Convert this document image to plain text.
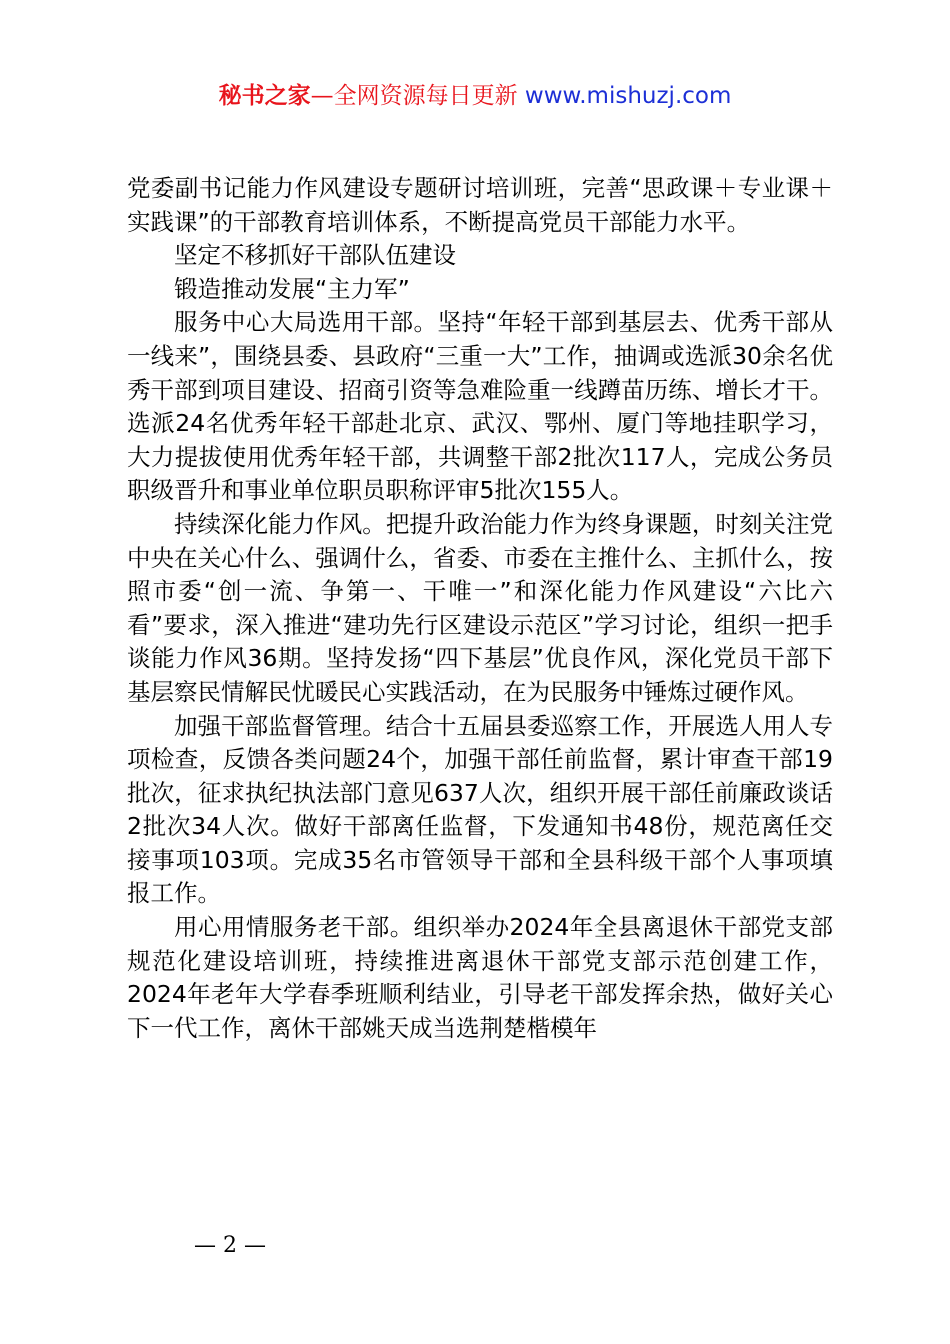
秘书之家—全网资源每日更新 www.mishuzj.com

党委副书记能力作风建设专题研讨培训班，完善“思政课＋专业课＋实践课”的干部教育培训体系，不断提高党员干部能力水平。

坚定不移抓好干部队伍建设

锻造推动发展“主力军”

服务中心大局选用干部。坚持“年轻干部到基层去、优秀干部从一线来”，围绕县委、县政府“三重一大”工作，抽调或选派30余名优秀干部到项目建设、招商引资等急难险重一线蹲苗历练、增长才干。选派24名优秀年轻干部赴北京、武汉、鄂州、厦门等地挂职学习，大力提拔使用优秀年轻干部，共调整干部2批次117人，完成公务员职级晋升和事业单位职员职称评审5批次155人。

持续深化能力作风。把提升政治能力作为终身课题，时刻关注党中央在关心什么、强调什么，省委、市委在主推什么、主抓什么，按照市委“创一流、争第一、干唯一”和深化能力作风建设“六比六看”要求，深入推进“建功先行区建设示范区”学习讨论，组织一把手谈能力作风36期。坚持发扬“四下基层”优良作风，深化党员干部下基层察民情解民忧暖民心实践活动，在为民服务中锤炼过硬作风。

加强干部监督管理。结合十五届县委巡察工作，开展选人用人专项检查，反馈各类问题24个，加强干部任前监督，累计审查干部19批次，征求执纪执法部门意见637人次，组织开展干部任前廉政谈话2批次34人次。做好干部离任监督，下发通知书48份，规范离任交接事项103项。完成35名市管领导干部和全县科级干部个人事项填报工作。

用心用情服务老干部。组织举办2024年全县离退休干部党支部规范化建设培训班，持续推进离退休干部党支部示范创建工作，2024年老年大学春季班顺利结业，引导老干部发挥余热，做好关心下一代工作，离休干部姚天成当选荆楚楷模年

— 2 —
